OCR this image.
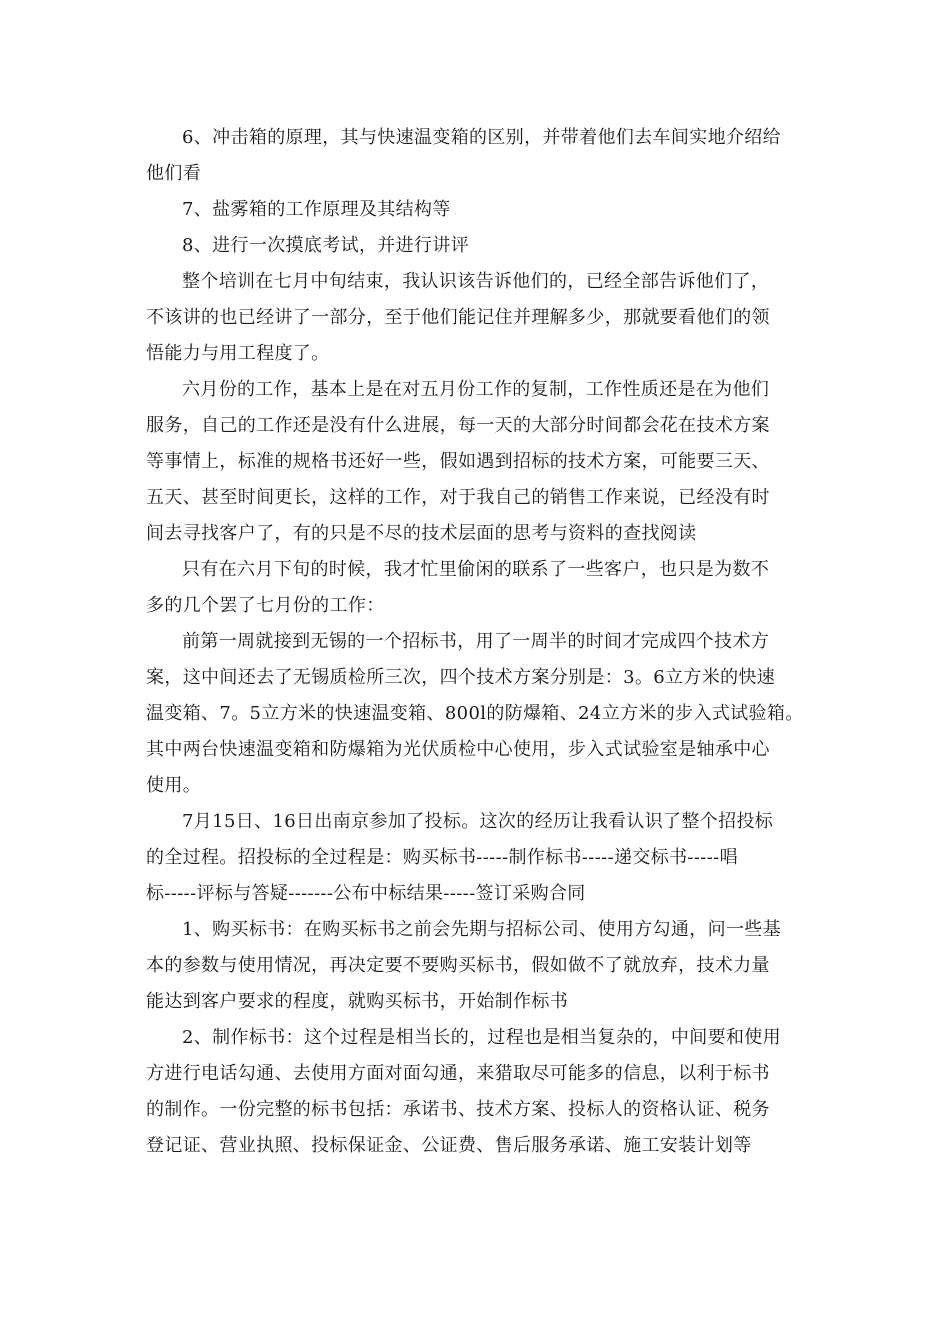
6、冲击箱的原理，其与快速温变箱的区别，并带着他们去车间实地介绍给
他们看
7、盐雾箱的工作原理及其结构等
8、进行一次摸底考试，并进行讲评
整个培训在七月中旬结束，我认识该告诉他们的，已经全部告诉他们了，
不该讲的也已经讲了一部分，至于他们能记住并理解多少，那就要看他们的领
悟能力与用工程度了。
六月份的工作，基本上是在对五月份工作的复制，工作性质还是在为他们
服务，自己的工作还是没有什么进展，每一天的大部分时间都会花在技术方案
等事情上，标准的规格书还好一些，假如遇到招标的技术方案，可能要三天、
五天、甚至时间更长，这样的工作，对于我自己的销售工作来说，已经没有时
间去寻找客户了，有的只是不尽的技术层面的思考与资料的查找阅读
只有在六月下旬的时候，我才忙里偷闲的联系了一些客户，也只是为数不
多的几个罢了七月份的工作：
前第一周就接到无锡的一个招标书，用了一周半的时间才完成四个技术方
案，这中间还去了无锡质检所三次，四个技术方案分别是：3。6立方米的快速
温变箱、7。5立方米的快速温变箱、800l的防爆箱、24立方米的步入式试验箱。
其中两台快速温变箱和防爆箱为光伏质检中心使用，步入式试验室是轴承中心
使用。
7月15日、16日出南京参加了投标。这次的经历让我看认识了整个招投标
的全过程。招投标的全过程是：购买标书-----制作标书-----递交标书-----唱
标-----评标与答疑-------公布中标结果-----签订采购合同
1、购买标书：在购买标书之前会先期与招标公司、使用方勾通，问一些基
本的参数与使用情况，再决定要不要购买标书，假如做不了就放弃，技术力量
能达到客户要求的程度，就购买标书，开始制作标书
2、制作标书：这个过程是相当长的，过程也是相当复杂的，中间要和使用
方进行电话勾通、去使用方面对面勾通，来猎取尽可能多的信息，以利于标书
的制作。一份完整的标书包括：承诺书、技术方案、投标人的资格认证、税务
登记证、营业执照、投标保证金、公证费、售后服务承诺、施工安装计划等
